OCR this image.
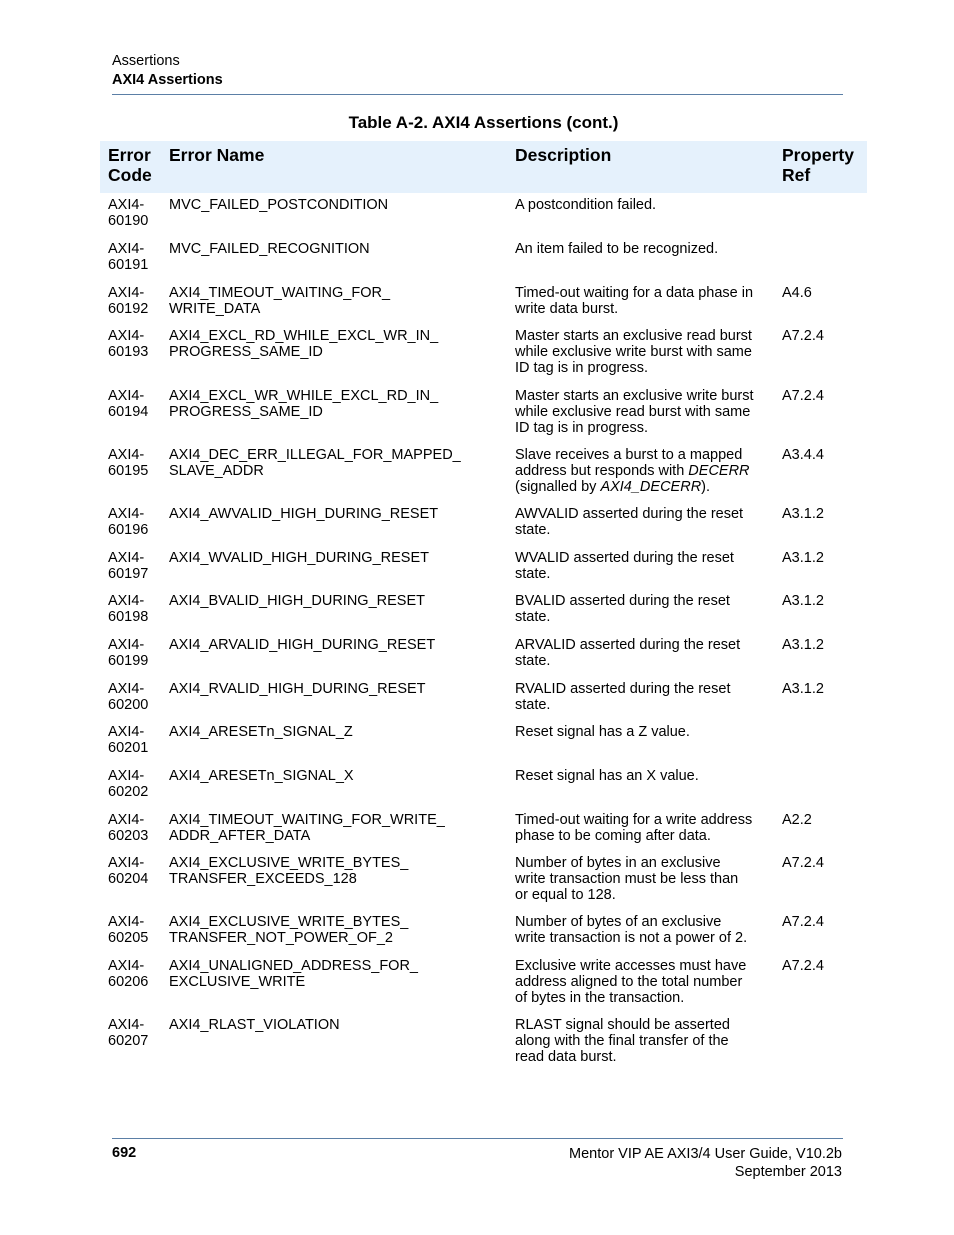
Assertions
AXI4 Assertions
Table A-2. AXI4 Assertions (cont.)
Error
Code	Error Name	Description	Property
Ref
AXI4-
60190	MVC_FAILED_POSTCONDITION	A postcondition failed.

AXI4-
60191	MVC_FAILED_RECOGNITION	An item failed to be recognized.

AXI4-
60192	AXI4_TIMEOUT_WAITING_FOR_
WRITE_DATA	Timed-out waiting for a data phase in
write data burst.	A4.6
AXI4-
60193	AXI4_EXCL_RD_WHILE_EXCL_WR_IN_
PROGRESS_SAME_ID	Master starts an exclusive read burst
while exclusive write burst with same
ID tag is in progress.	A7.2.4
AXI4-
60194	AXI4_EXCL_WR_WHILE_EXCL_RD_IN_
PROGRESS_SAME_ID	Master starts an exclusive write burst
while exclusive read burst with same
ID tag is in progress.	A7.2.4
AXI4-
60195	AXI4_DEC_ERR_ILLEGAL_FOR_MAPPED_
SLAVE_ADDR	Slave receives a burst to a mapped
address but responds with DECERR
(signalled by AXI4_DECERR).	A3.4.4
AXI4-
60196	AXI4_AWVALID_HIGH_DURING_RESET	AWVALID asserted during the reset
state.	A3.1.2
AXI4-
60197	AXI4_WVALID_HIGH_DURING_RESET	WVALID asserted during the reset
state.	A3.1.2
AXI4-
60198	AXI4_BVALID_HIGH_DURING_RESET	BVALID asserted during the reset
state.	A3.1.2
AXI4-
60199	AXI4_ARVALID_HIGH_DURING_RESET	ARVALID asserted during the reset
state.	A3.1.2
AXI4-
60200	AXI4_RVALID_HIGH_DURING_RESET	RVALID asserted during the reset
state.	A3.1.2
AXI4-
60201	AXI4_ARESETn_SIGNAL_Z	Reset signal has a Z value.

AXI4-
60202	AXI4_ARESETn_SIGNAL_X	Reset signal has an X value.

AXI4-
60203	AXI4_TIMEOUT_WAITING_FOR_WRITE_
ADDR_AFTER_DATA	Timed-out waiting for a write address
phase to be coming after data.	A2.2
AXI4-
60204	AXI4_EXCLUSIVE_WRITE_BYTES_
TRANSFER_EXCEEDS_128	Number of bytes in an exclusive
write transaction must be less than
or equal to 128.	A7.2.4
AXI4-
60205	AXI4_EXCLUSIVE_WRITE_BYTES_
TRANSFER_NOT_POWER_OF_2	Number of bytes of an exclusive
write transaction is not a power of 2.	A7.2.4
AXI4-
60206	AXI4_UNALIGNED_ADDRESS_FOR_
EXCLUSIVE_WRITE	Exclusive write accesses must have
address aligned to the total number
of bytes in the transaction.	A7.2.4
AXI4-
60207	AXI4_RLAST_VIOLATION	RLAST signal should be asserted
along with the final transfer of the
read data burst.

692	Mentor VIP AE AXI3/4 User Guide, V10.2b
September 2013
